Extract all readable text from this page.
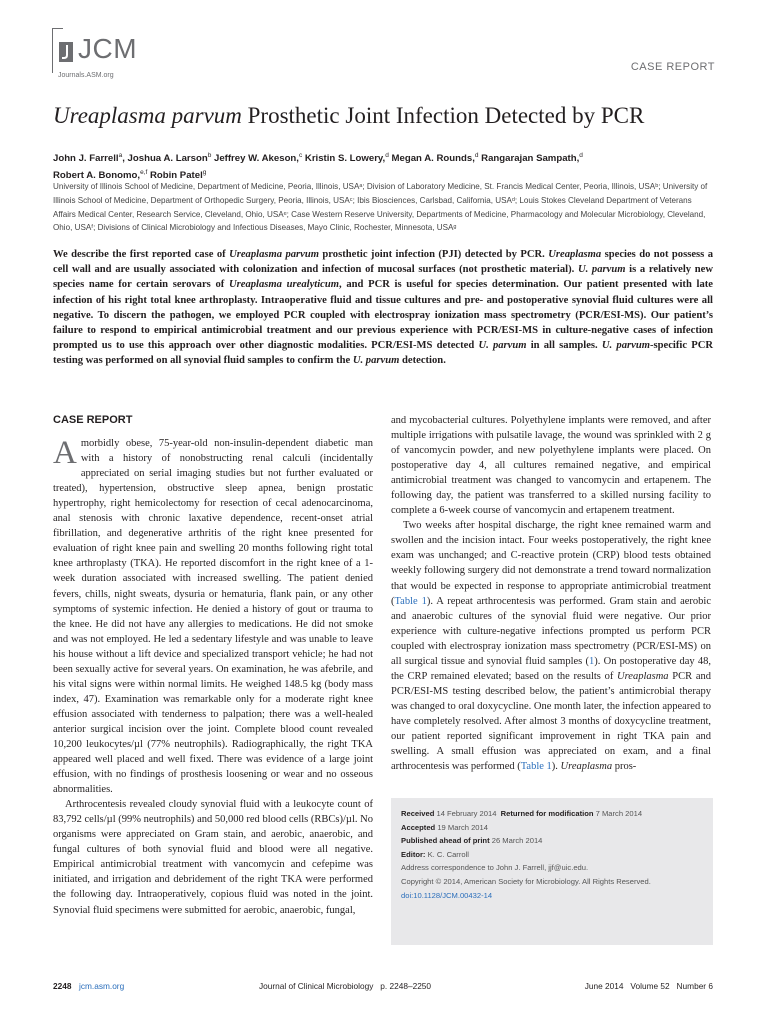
JCM
Journals.ASM.org
CASE REPORT
Ureaplasma parvum Prosthetic Joint Infection Detected by PCR
John J. Farrell$^a$, Joshua A. Larson$^b$ Jeffrey W. Akeson,$^c$ Kristin S. Lowery,$^d$ Megan A. Rounds,$^d$ Rangarajan Sampath,$^d$
Robert A. Bonomo,$^{e,f}$ Robin Patel$^g$
University of Illinois School of Medicine, Department of Medicine, Peoria, Illinois, USAᵃ; Division of Laboratory Medicine, St. Francis Medical Center, Peoria, Illinois, USAᵇ; University of Illinois School of Medicine, Department of Orthopedic Surgery, Peoria, Illinois, USAᶜ; Ibis Biosciences, Carlsbad, California, USAᵈ; Louis Stokes Cleveland Department of Veterans Affairs Medical Center, Research Service, Cleveland, Ohio, USAᵉ; Case Western Reserve University, Departments of Medicine, Pharmacology and Molecular Microbiology, Cleveland, Ohio, USAᶠ; Divisions of Clinical Microbiology and Infectious Diseases, Mayo Clinic, Rochester, Minnesota, USAᵍ
We describe the first reported case of Ureaplasma parvum prosthetic joint infection (PJI) detected by PCR. Ureaplasma species do not possess a cell wall and are usually associated with colonization and infection of mucosal surfaces (not prosthetic material). U. parvum is a relatively new species name for certain serovars of Ureaplasma urealyticum, and PCR is useful for species determination. Our patient presented with late infection of his right total knee arthroplasty. Intraoperative fluid and tissue cultures and pre- and postoperative synovial fluid cultures were all negative. To discern the pathogen, we employed PCR coupled with electrospray ionization mass spectrometry (PCR/ESI-MS). Our patient’s failure to respond to empirical antimicrobial treatment and our previous experience with PCR/ESI-MS in culture-negative cases of infection prompted us to use this approach over other diagnostic modalities. PCR/ESI-MS detected U. parvum in all samples. U. parvum-specific PCR testing was performed on all synovial fluid samples to confirm the U. parvum detection.
CASE REPORT

A morbidly obese, 75-year-old non-insulin-dependent diabetic man with a history of nonobstructing renal calculi (incidentally appreciated on serial imaging studies but not further evaluated or treated), hypertension, obstructive sleep apnea, benign prostatic hypertrophy, right hemicolectomy for resection of cecal adenocarcinoma, anal stenosis with chronic laxative dependence, recent-onset atrial fibrillation, and degenerative arthritis of the right knee presented for evaluation of right knee pain and swelling 20 months following right total knee arthroplasty (TKA). He reported discomfort in the right knee of a 1-week duration associated with increased swelling. The patient denied fevers, chills, night sweats, dysuria or hematuria, flank pain, or any other symptoms of systemic infection. He denied a history of gout or trauma to the knee. He did not have any allergies to medications. He did not smoke and was not employed. He led a sedentary lifestyle and was unable to leave his house without a lift device and specialized transport vehicle; he had not been sexually active for several years. On examination, he was afebrile, and his vital signs were within normal limits. He weighed 148.5 kg (body mass index, 47). Examination was remarkable only for a moderate right knee effusion associated with tenderness to palpation; there was a well-healed anterior surgical incision over the joint. Complete blood count revealed 10,200 leukocytes/µl (77% neutrophils). Radiographically, the right TKA appeared well placed and well fixed. There was evidence of a large joint effusion, with no findings of prosthesis loosening or wear and no osseous abnormalities.

Arthrocentesis revealed cloudy synovial fluid with a leukocyte count of 83,792 cells/µl (99% neutrophils) and 50,000 red blood cells (RBCs)/µl. No organisms were appreciated on Gram stain, and aerobic, anaerobic, and fungal cultures of both synovial fluid and blood were all negative. Empirical antimicrobial treatment with vancomycin and cefepime was initiated, and irrigation and debridement of the right TKA were performed the following day. Intraoperatively, copious fluid was noted in the joint. Synovial fluid specimens were submitted for aerobic, anaerobic, fungal,

and mycobacterial cultures. Polyethylene implants were removed, and after multiple irrigations with pulsatile lavage, the wound was sprinkled with 2 g of vancomycin powder, and new polyethylene implants were placed. On postoperative day 4, all cultures remained negative, and empirical antimicrobial treatment was changed to vancomycin and ertapenem. The following day, the patient was transferred to a skilled nursing facility to complete a 6-week course of vancomycin and ertapenem treatment.

Two weeks after hospital discharge, the right knee remained warm and swollen and the incision intact. Four weeks postoperatively, the right knee exam was unchanged; and C-reactive protein (CRP) blood tests obtained weekly following surgery did not demonstrate a trend toward normalization that would be expected in response to appropriate antimicrobial treatment (Table 1). A repeat arthrocentesis was performed. Gram stain and aerobic and anaerobic cultures of the synovial fluid were negative. Our prior experience with culture-negative infections prompted us perform PCR coupled with electrospray ionization mass spectrometry (PCR/ESI-MS) on all surgical tissue and synovial fluid samples (1). On postoperative day 48, the CRP remained elevated; based on the results of Ureaplasma PCR and PCR/ESI-MS testing described below, the patient’s antimicrobial therapy was changed to oral doxycycline. One month later, the infection appeared to have completely resolved. After almost 3 months of doxycycline treatment, our patient reported significant improvement in right TKA pain and swelling. A small effusion was appreciated on exam, and a final arthrocentesis was performed (Table 1). Ureaplasma pros-

Received 14 February 2014 Returned for modification 7 March 2014
Accepted 19 March 2014
Published ahead of print 26 March 2014
Editor: K. C. Carroll
Address correspondence to John J. Farrell, jjf@uic.edu.
Copyright © 2014, American Society for Microbiology. All Rights Reserved.
doi:10.1128/JCM.00432-14
2248 jcm.asm.org	Journal of Clinical Microbiology   p. 2248–2250	June 2014   Volume 52   Number 6
